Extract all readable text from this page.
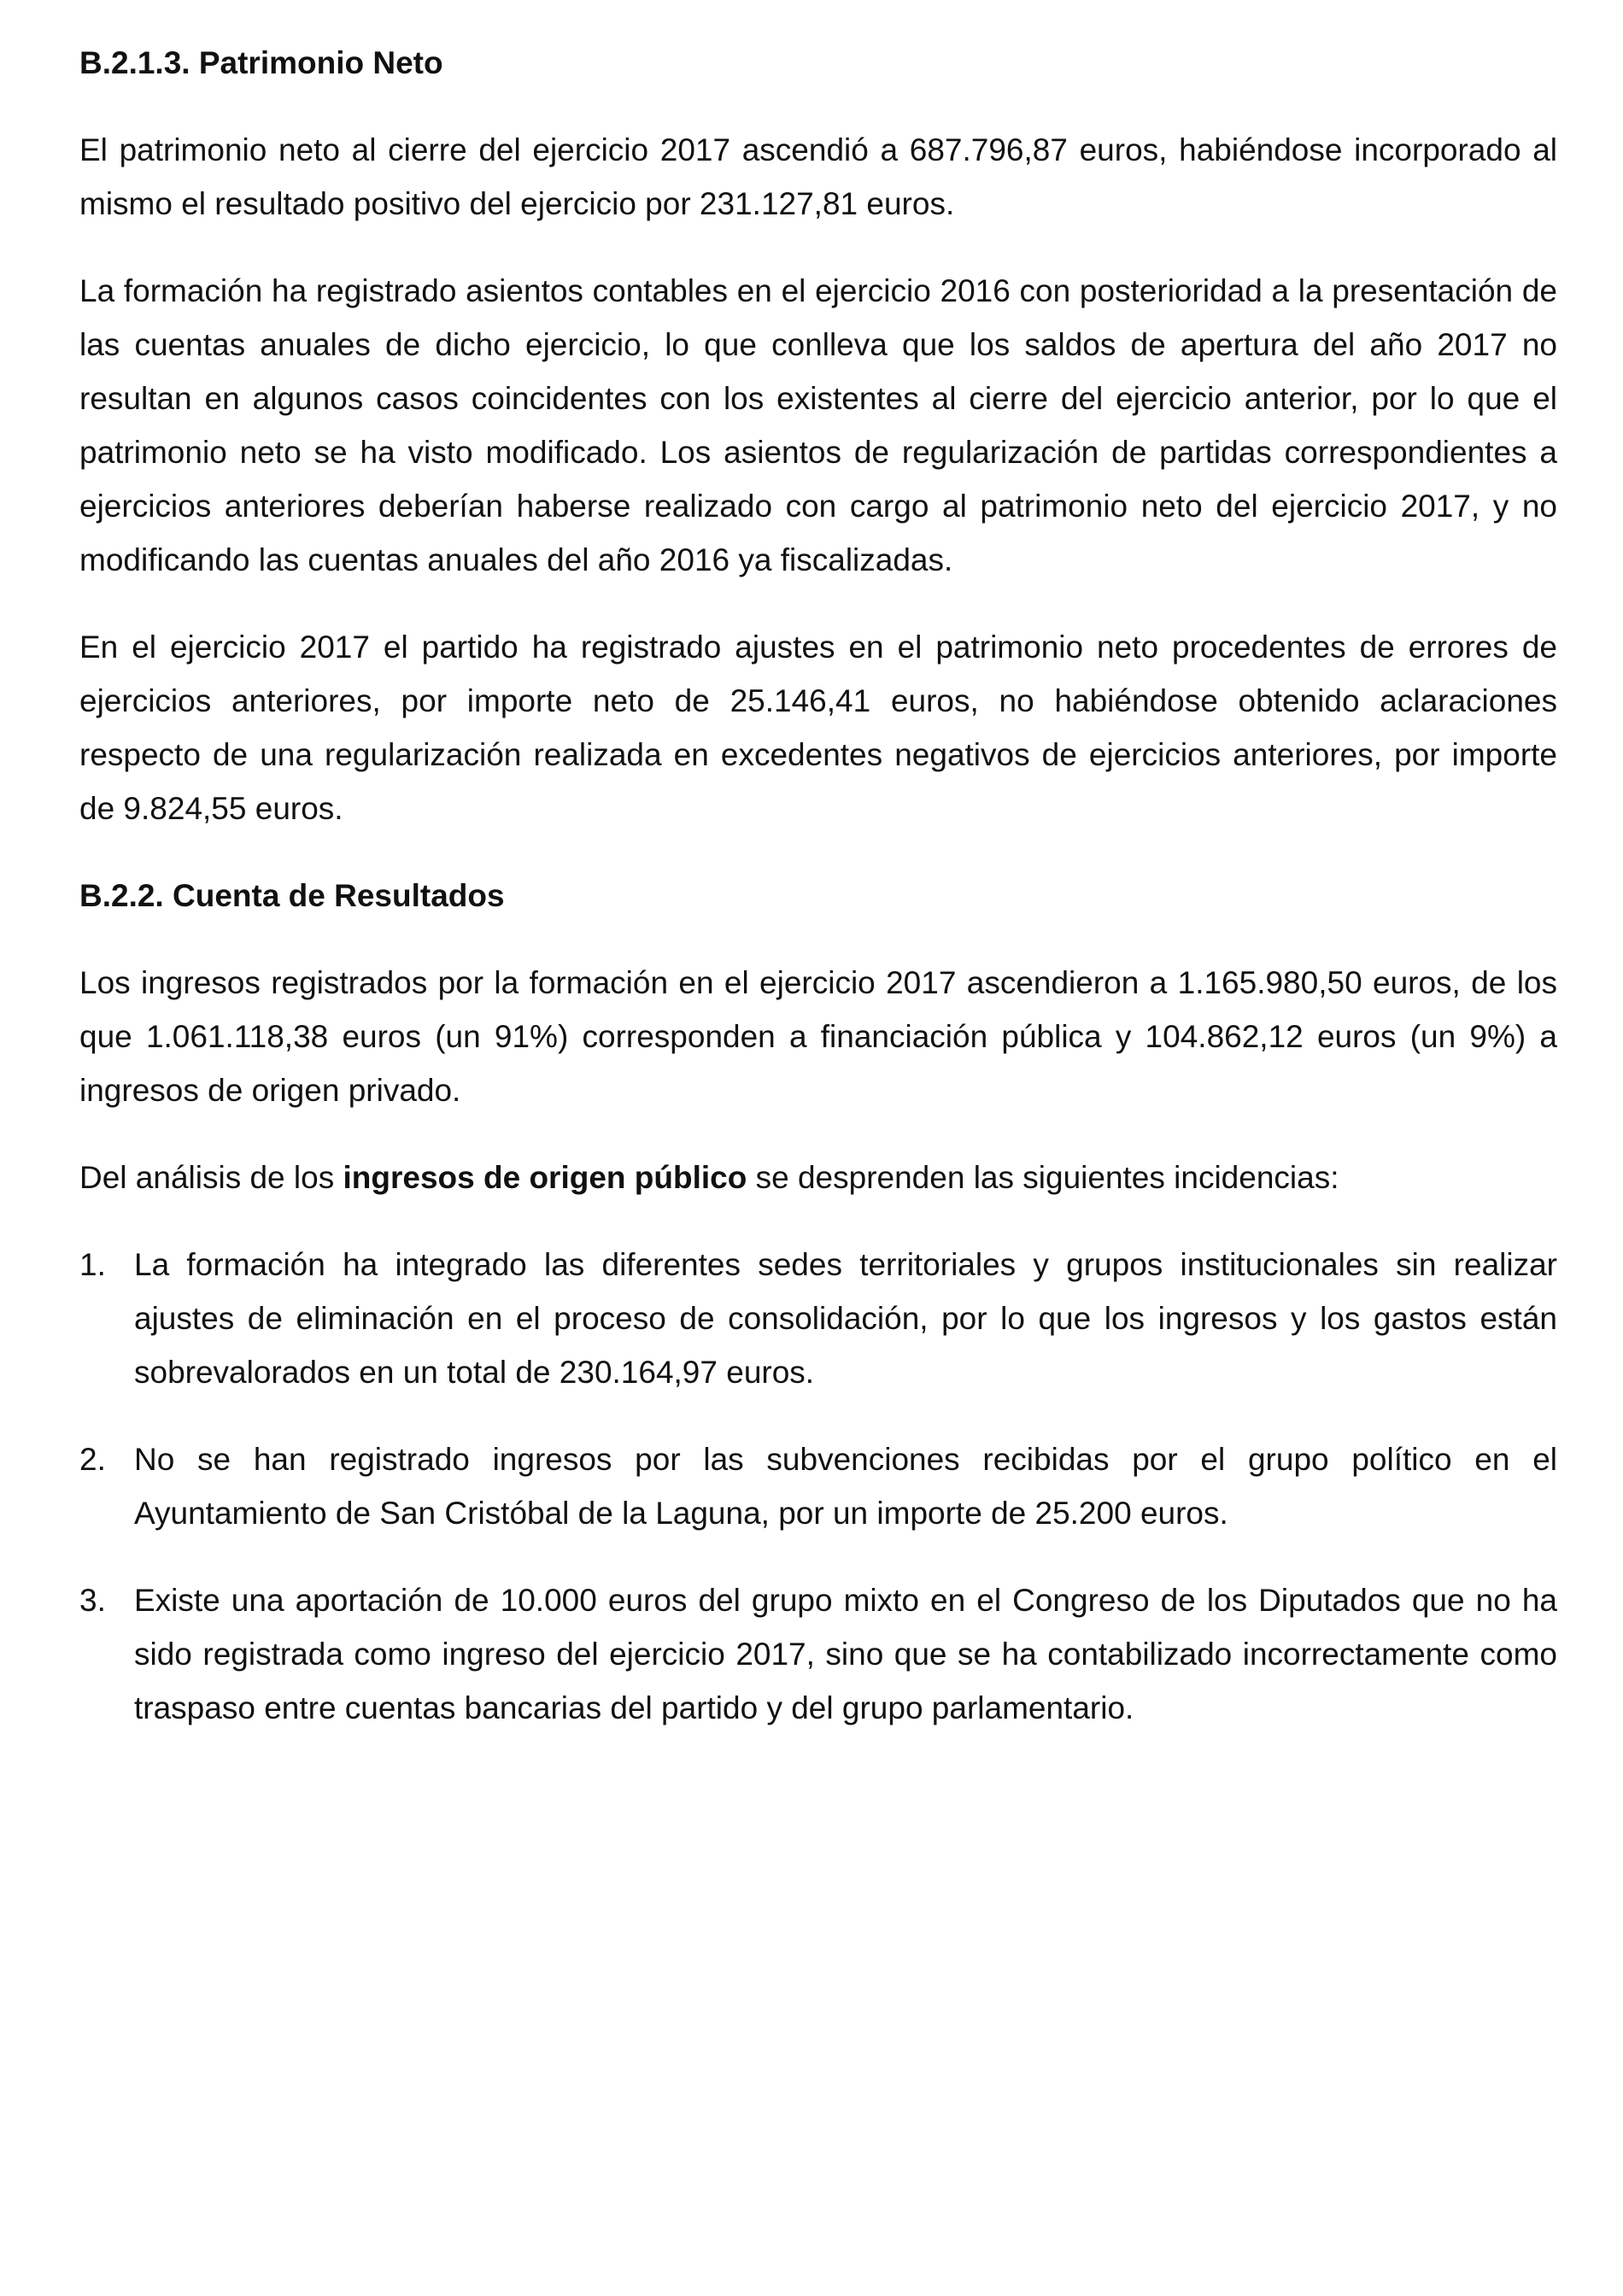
B.2.1.3. Patrimonio Neto

El patrimonio neto al cierre del ejercicio 2017 ascendió a 687.796,87 euros, habiéndose incorporado al mismo el resultado positivo del ejercicio por 231.127,81 euros.

La formación ha registrado asientos contables en el ejercicio 2016 con posterioridad a la presentación de las cuentas anuales de dicho ejercicio, lo que conlleva que los saldos de apertura del año 2017 no resultan en algunos casos coincidentes con los existentes al cierre del ejercicio anterior, por lo que el patrimonio neto se ha visto modificado. Los asientos de regularización de partidas correspondientes a ejercicios anteriores deberían haberse realizado con cargo al patrimonio neto del ejercicio 2017, y no modificando las cuentas anuales del año 2016 ya fiscalizadas.

En el ejercicio 2017 el partido ha registrado ajustes en el patrimonio neto procedentes de errores de ejercicios anteriores, por importe neto de 25.146,41 euros, no habiéndose obtenido aclaraciones respecto de una regularización realizada en excedentes negativos de ejercicios anteriores, por importe de 9.824,55 euros.

B.2.2. Cuenta de Resultados

Los ingresos registrados por la formación en el ejercicio 2017 ascendieron a 1.165.980,50 euros, de los que 1.061.118,38 euros (un 91%) corresponden a financiación pública y 104.862,12 euros (un 9%) a ingresos de origen privado.

Del análisis de los ingresos de origen público se desprenden las siguientes incidencias:

1. La formación ha integrado las diferentes sedes territoriales y grupos institucionales sin realizar ajustes de eliminación en el proceso de consolidación, por lo que los ingresos y los gastos están sobrevalorados en un total de 230.164,97 euros.
2. No se han registrado ingresos por las subvenciones recibidas por el grupo político en el Ayuntamiento de San Cristóbal de la Laguna, por un importe de 25.200 euros.
3. Existe una aportación de 10.000 euros del grupo mixto en el Congreso de los Diputados que no ha sido registrada como ingreso del ejercicio 2017, sino que se ha contabilizado incorrectamente como traspaso entre cuentas bancarias del partido y del grupo parlamentario.
